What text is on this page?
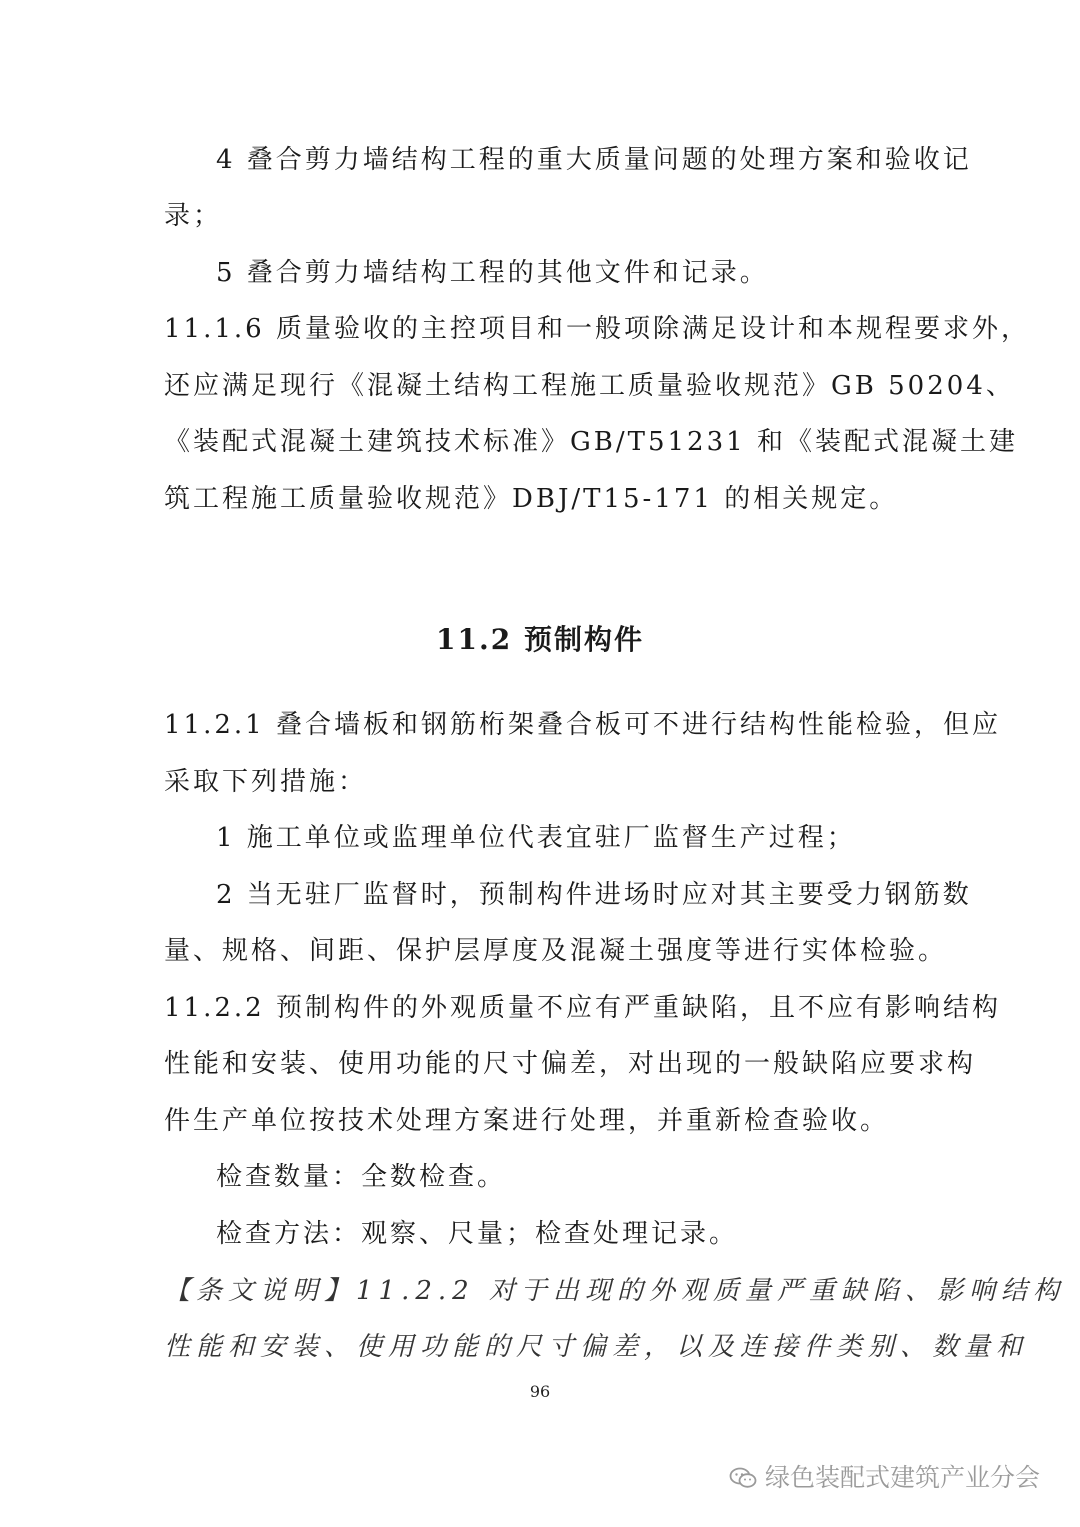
4 叠合剪力墙结构工程的重大质量问题的处理方案和验收记
录；
5 叠合剪力墙结构工程的其他文件和记录。
11.1.6 质量验收的主控项目和一般项除满足设计和本规程要求外，
还应满足现行《混凝土结构工程施工质量验收规范》GB 50204、
《装配式混凝土建筑技术标准》GB/T51231 和《装配式混凝土建
筑工程施工质量验收规范》DBJ/T15-171 的相关规定。
11.2 预制构件
11.2.1 叠合墙板和钢筋桁架叠合板可不进行结构性能检验，但应
采取下列措施：
1 施工单位或监理单位代表宜驻厂监督生产过程；
2 当无驻厂监督时，预制构件进场时应对其主要受力钢筋数
量、规格、间距、保护层厚度及混凝土强度等进行实体检验。
11.2.2 预制构件的外观质量不应有严重缺陷，且不应有影响结构
性能和安装、使用功能的尺寸偏差，对出现的一般缺陷应要求构
件生产单位按技术处理方案进行处理，并重新检查验收。
检查数量：全数检查。
检查方法：观察、尺量；检查处理记录。
【条文说明】11.2.2 对于出现的外观质量严重缺陷、影响结构
性能和安装、使用功能的尺寸偏差，以及连接件类别、数量和
96
绿色装配式建筑产业分会
